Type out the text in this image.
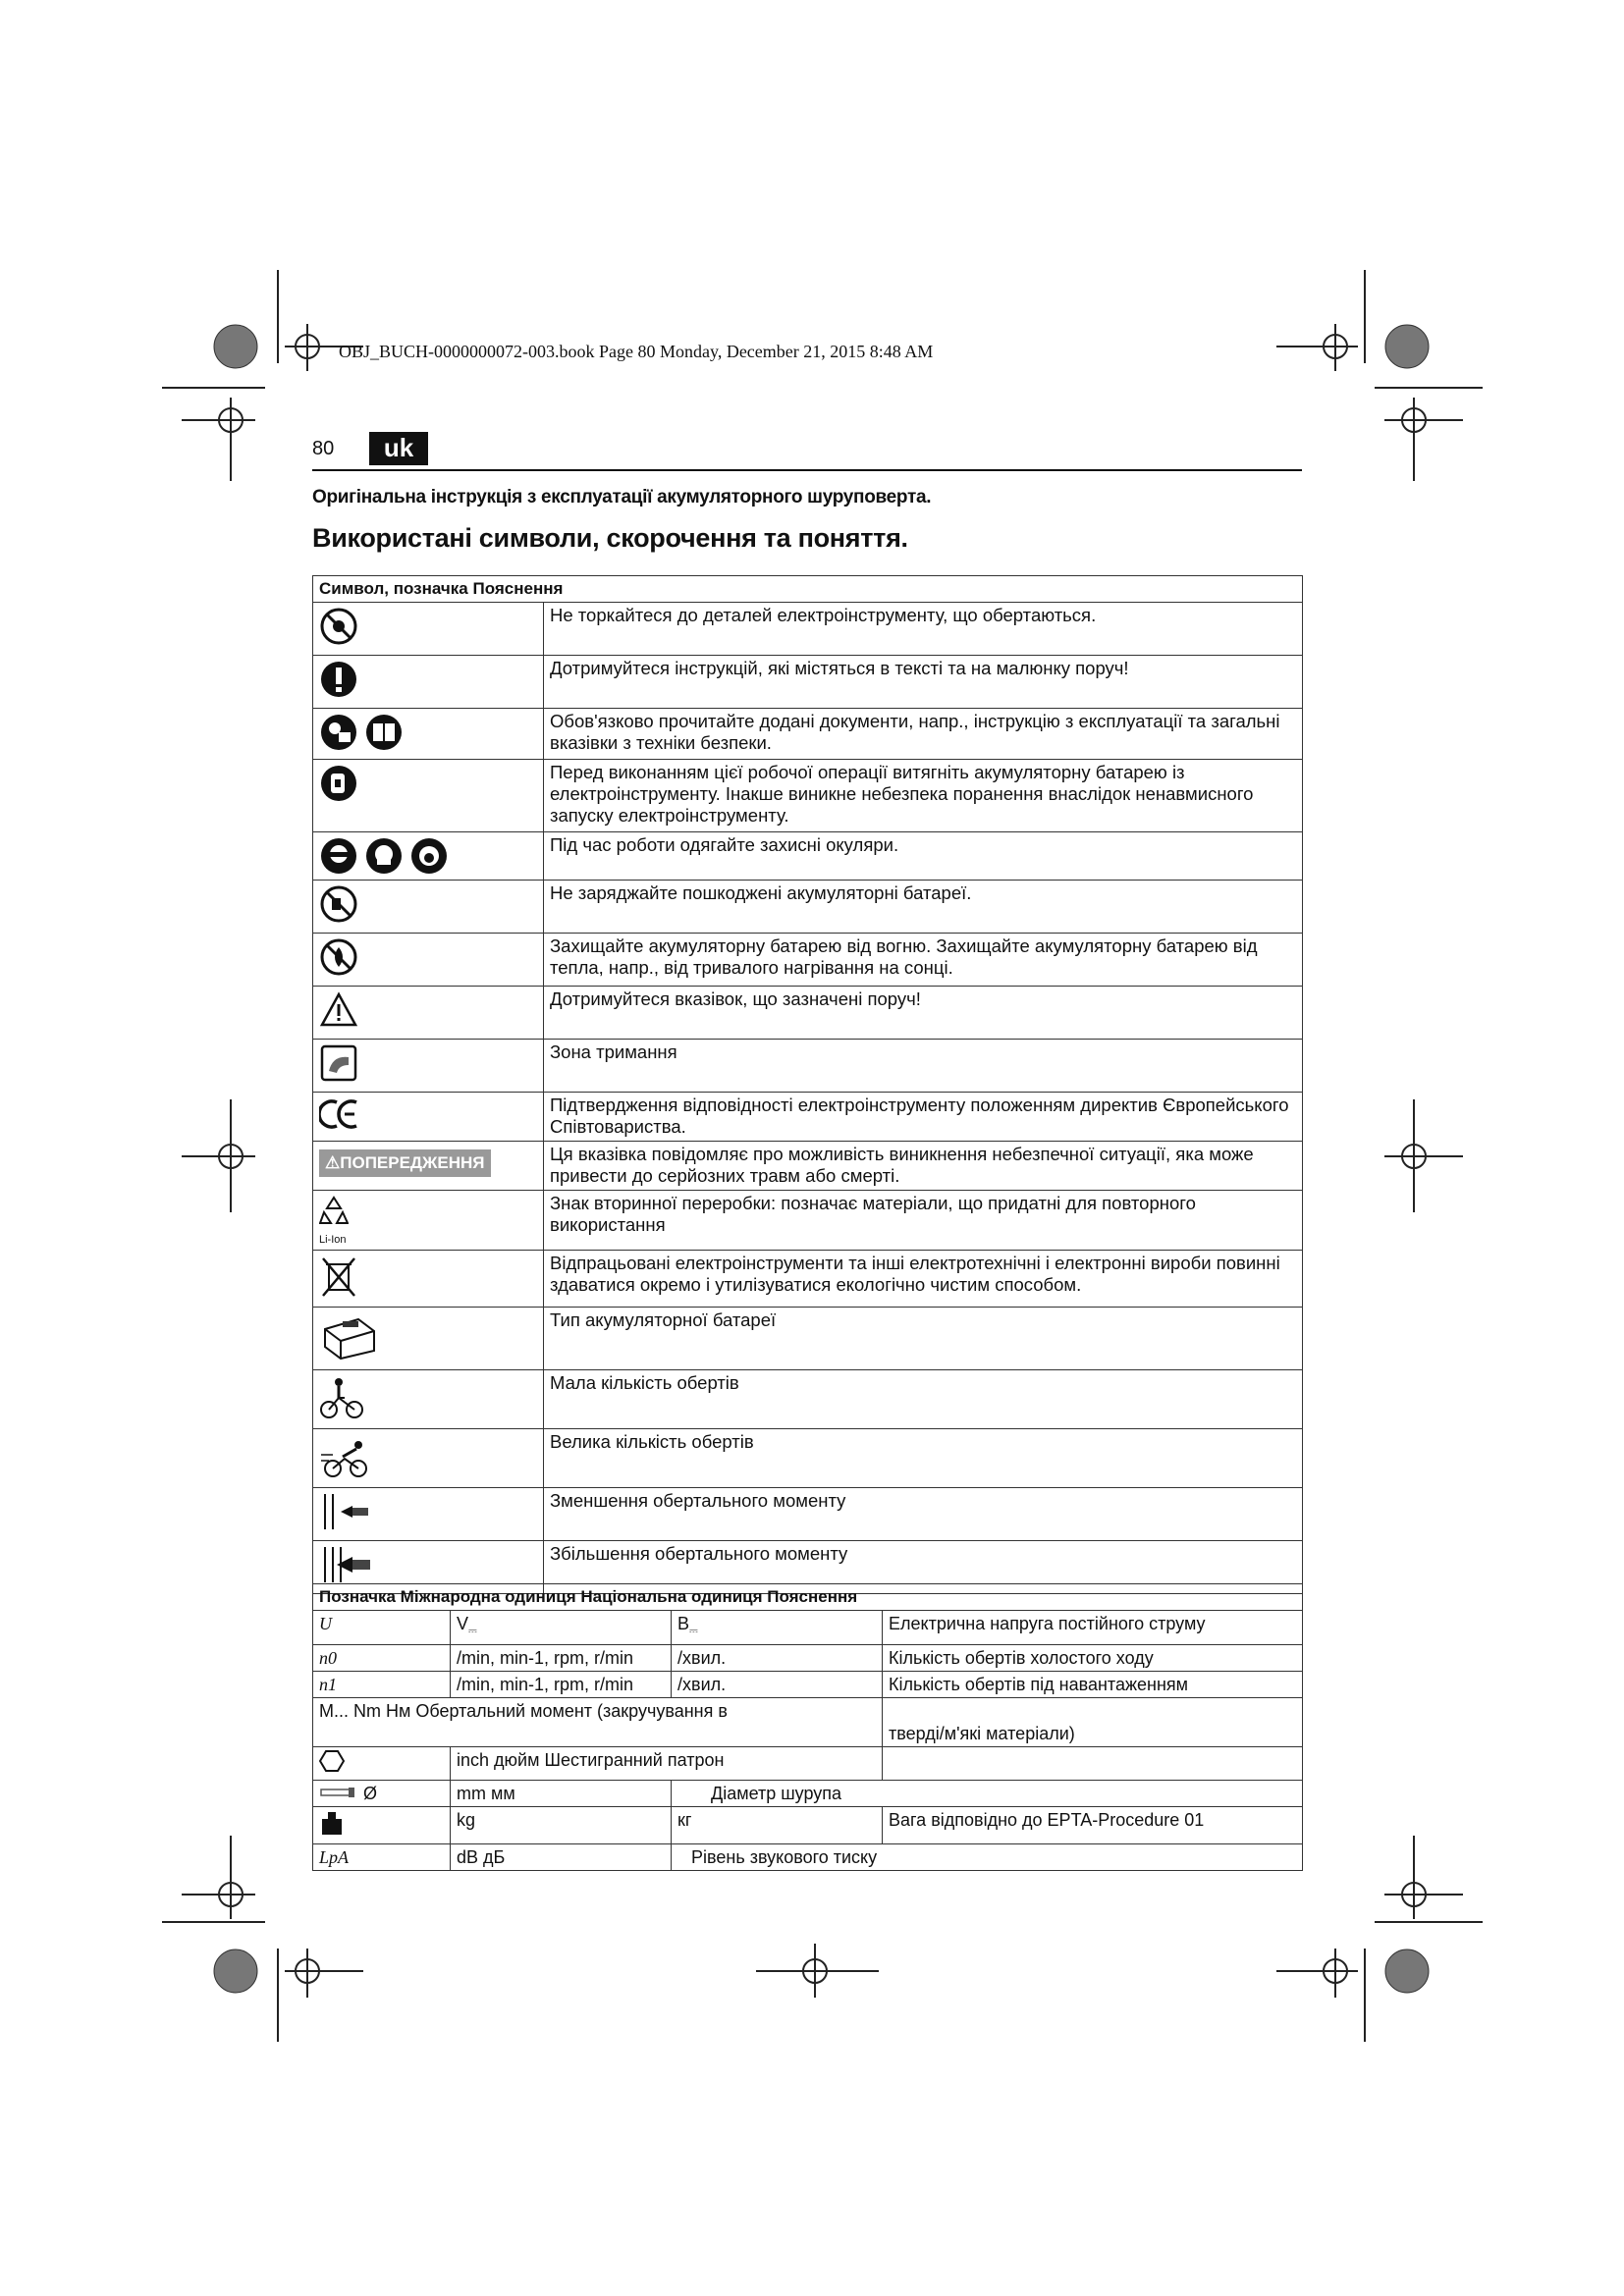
OBJ_BUCH-0000000072-003.book Page 80 Monday, December 21, 2015 8:48 AM
80	uk
Оригінальна інструкція з експлуатації акумуляторного шуруповерта.
Використані символи, скорочення та поняття.
Символ, позначка Пояснення	
	Не торкайтеся до деталей електроінструменту, що обертаються.
	Дотримуйтеся інструкцій, які містяться в тексті та на малюнку поруч!

	Обов'язково прочитайте додані документи, напр., інструкцію з експлуатації та загальні вказівки з техніки безпеки.
	Перед виконанням цієї робочої операції витягніть акумуляторну батарею із електроінструменту. Інакше виникне небезпека поранення внаслідок ненавмисного запуску електроінструменту.

	Під час роботи одягайте захисні окуляри.
	Не заряджайте пошкоджені акумуляторні батареї.
	Захищайте акумуляторну батарею від вогню. Захищайте акумуляторну батарею від тепла, напр., від тривалого нагрівання на сонці.
	Дотримуйтеся вказівок, що зазначені поруч!
	Зона тримання
	Підтвердження відповідності електроінструменту положенням директив Європейського Співтовариства.
⚠ПОПЕРЕДЖЕННЯ	Ця вказівка повідомляє про можливість виникнення небезпечної ситуації, яка може привести до серйозних травм або смерті.

Li-Ion	Знак вторинної переробки: позначає матеріали, що придатні для повторного використання
	Відпрацьовані електроінструменти та інші електротехнічні і електронні вироби повинні здаватися окремо і утилізуватися екологічно чистим способом.
	Тип акумуляторної батареї
	Мала кількість обертів
	Велика кількість обертів
	Зменшення обертального моменту
	Збільшення обертального моменту
Позначка Міжнародна одиниця Національна одиниця Пояснення			
U	$V_⎓$	$В_⎓$	Електрична напруга постійного струму
n0	/min, min-1, rpm, r/min	/хвил.	Кількість обертів холостого ходу
n1	/min, min-1, rpm, r/min	/хвил.	Кількість обертів під навантаженням
M... Nm Нм Обертальний момент (закручування в			тверді/м'які матеріали)
	inch дюйм Шестигранний патрон		
Ø	mm мм	Діаметр шурупа	
	kg	кг	Вага відповідно до EPTA-Procedure 01
LpA	dB дБ	Рівень звукового тиску	
